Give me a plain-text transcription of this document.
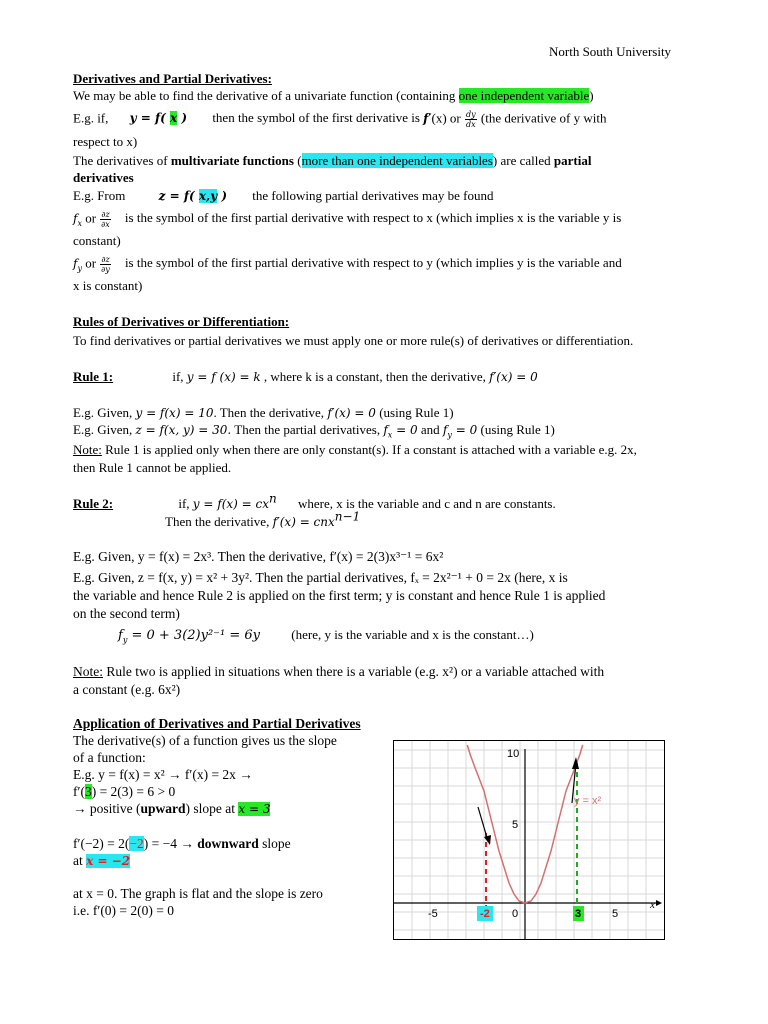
North South University
Derivatives and Partial Derivatives:
We may be able to find the derivative of a univariate function (containing one independent variable)
E.g. if, y = f( x ) then the symbol of the first derivative is f′(x) or $\frac{dy}{dx} (the$ derivative of y with
respect to x)
The derivatives of multivariate functions (more than one independent variables) are called partial
derivatives
E.g. From	z = f( x,y ) the following partial derivatives may be found
$f_x$ or $\frac{\partial z}{\partial x}$ is the symbol of the first partial derivative with respect to x (which implies x is the variable y is
constant)
$f_y$ or $\frac{\partial z}{\partial y}$ is the symbol of the first partial derivative with respect to y (which implies y is the variable and
x is constant)
Rules of Derivatives or Differentiation:
To find derivatives or partial derivatives we must apply one or more rule(s) of derivatives or differentiation.
Rule 1:	if, y = f (x) = k , where k is a constant, then the derivative, f′(x) = 0
E.g. Given, y = f(x) = 10. Then the derivative, f′(x) = 0 (using Rule 1)
E.g. Given, z = f(x, y) = 30. Then the partial derivatives, $f_x = 0$ and $f_y = 0$ (using Rule 1)
Note: Rule 1 is applied only when there are only constant(s). If a constant is attached with a variable e.g. 2x,
then Rule 1 cannot be applied.
Rule 2:	if, $y = f(x) = cx^n$ where, x is the variable and c and n are constants.
Then the derivative, f′(x) = cnx$^{n-1}$
E.g. Given, y = f(x) = 2x³. Then the derivative, f′(x) = 2(3)x³⁻¹ = 6x²
E.g. Given, z = f(x, y) = x² + 3y². Then the partial derivatives, fₓ = 2x²⁻¹ + 0 = 2x (here, x is
the variable and hence Rule 2 is applied on the first term; y is constant and hence Rule 1 is applied
on the second term)
$f_y = 0 + 3(2)y^{2-1} = 6y$ (here, y is the variable and x is the constant…)
Note: Rule two is applied in situations when there is a variable (e.g. x²) or a variable attached with
a constant (e.g. 6x²)
Application of Derivatives and Partial Derivatives
The derivative(s) of a function gives us the slope
of a function:
E.g. y = f(x) = x² → f′(x) = 2x →
f′(3) = 2(3) = 6 > 0
→ positive (upward) slope at x = 3
f′(−2) = 2(−2) = −4 → downward slope
at x = −2
at x = 0. The graph is flat and the slope is zero
i.e. f′(0) = 2(0) = 0
10
5
-5	-2 0	3	5
x
y = x²
